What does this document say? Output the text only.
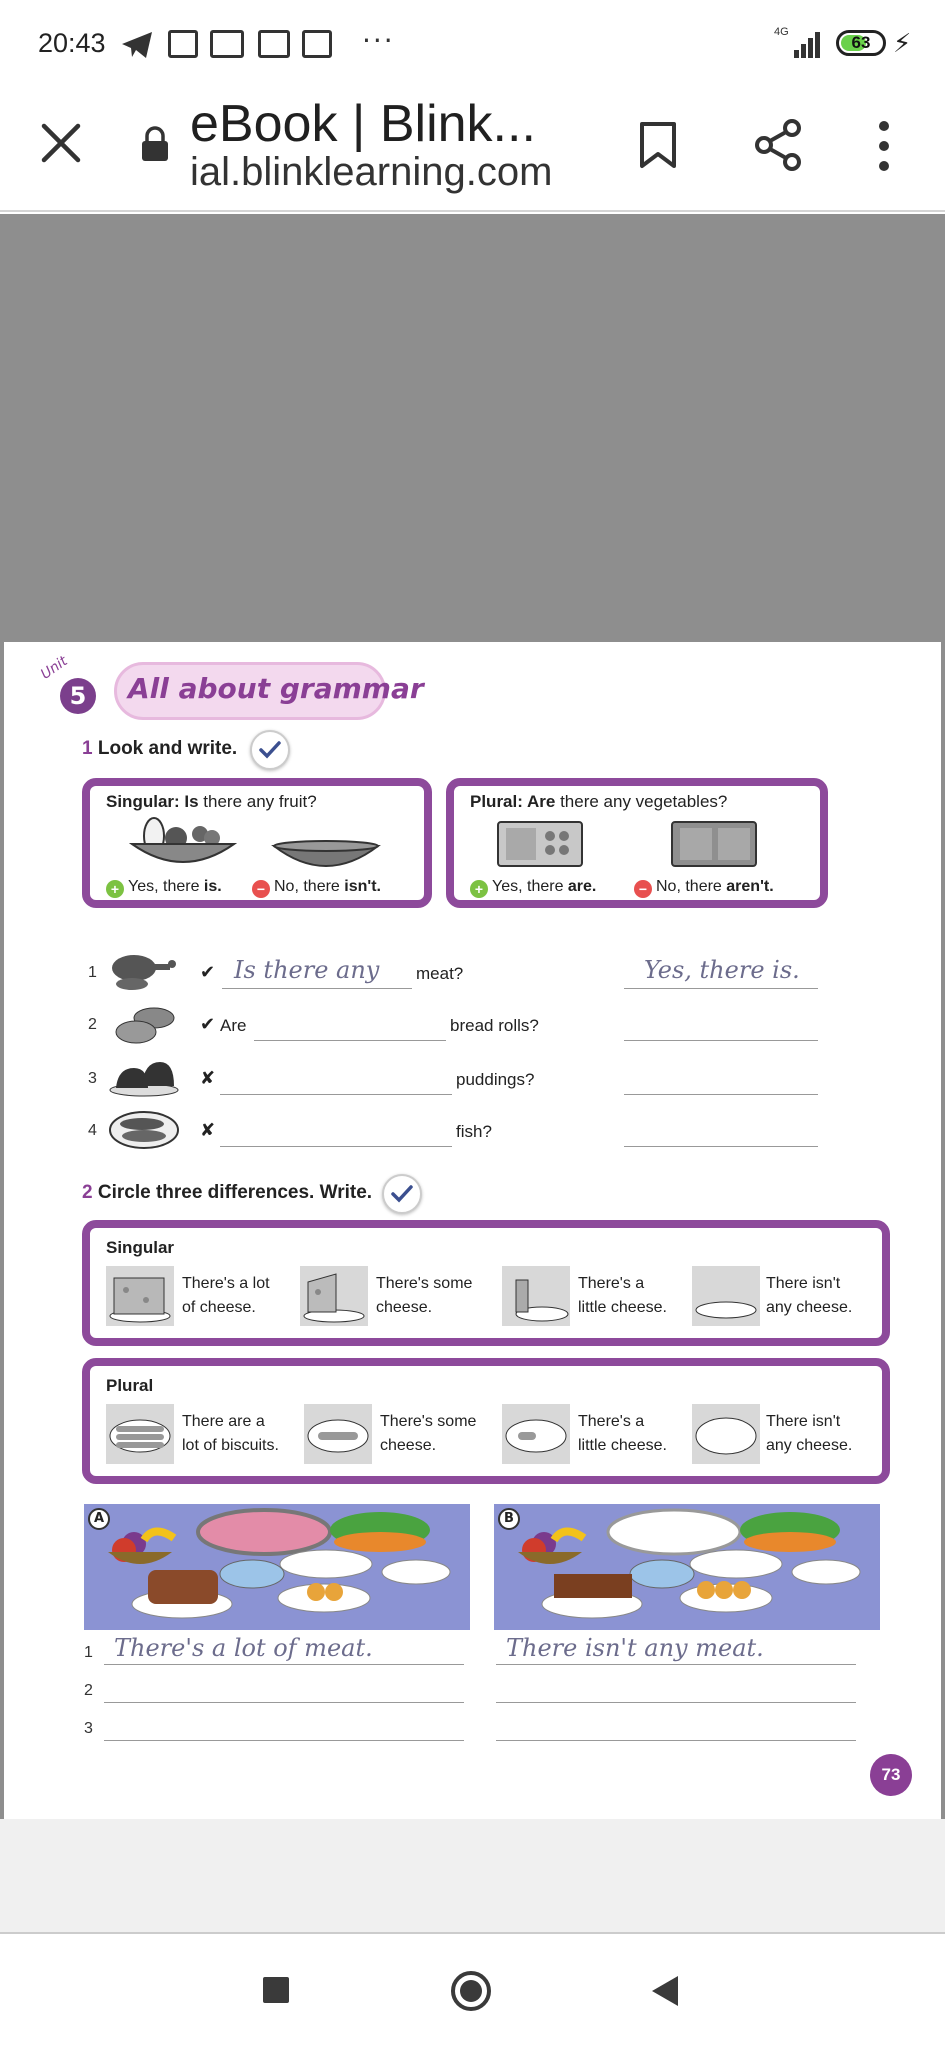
20:43	···	4G
63 ⚡
eBook | Blink...
ial.blinklearning.com
Unit
5	All about grammar
1 Look and write.
Singular: Is there any fruit?
+ Yes, there is.	− No, there isn't.
Plural: Are there any vegetables?
+ Yes, there are.	− No, there aren't.
1	✔ Is there any meat?	Yes, there is.
2	✔ Are	bread rolls?
3	✘	puddings?
4	✘	fish?
2 Circle three differences. Write.
Singular
There's a lot
of cheese.
There's some
cheese.
There's a
little cheese.
There isn't
any cheese.
Plural
There are a
lot of biscuits.
There's some
cheese.
There's a
little cheese.
There isn't
any cheese.
A	B
1 There's a lot of meat.	There isn't any meat.
2
3
73
